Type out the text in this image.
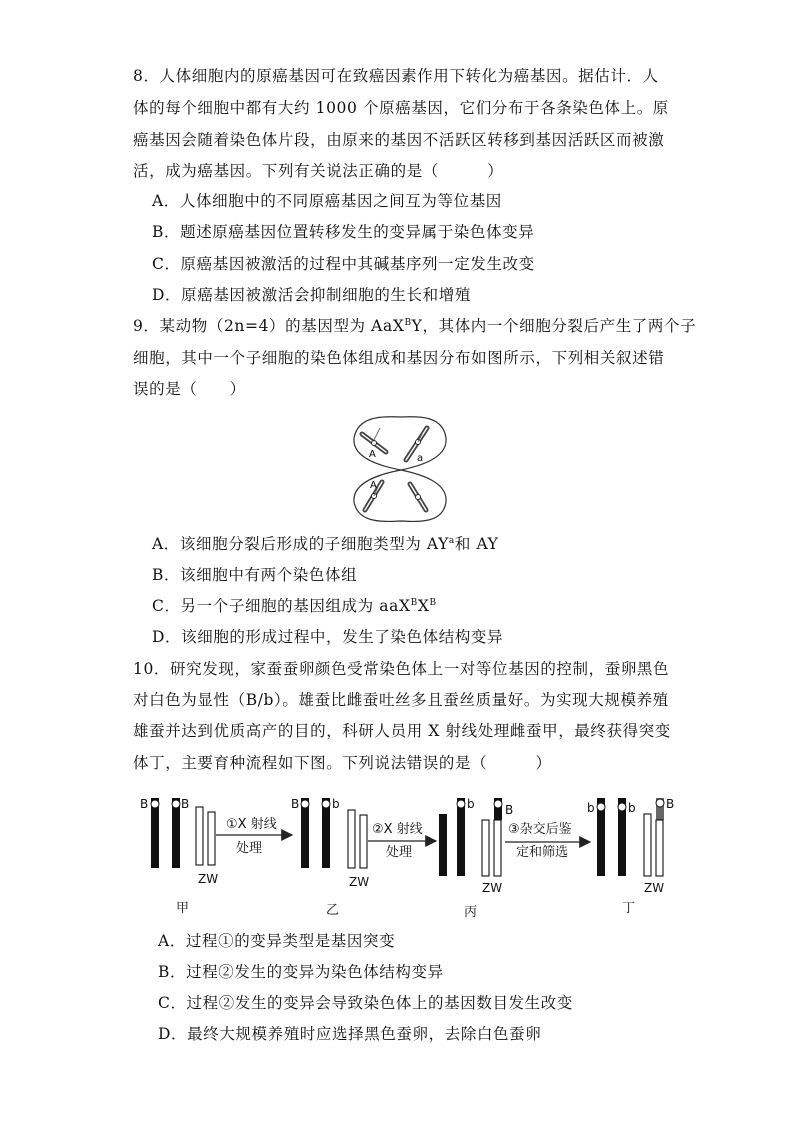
8．人体细胞内的原癌基因可在致癌因素作用下转化为癌基因。据估计．人
体的每个细胞中都有大约 1000 个原癌基因，它们分布于各条染色体上。原
癌基因会随着染色体片段，由原来的基因不活跃区转移到基因活跃区而被激
活，成为癌基因。下列有关说法正确的是（　　　）
A．人体细胞中的不同原癌基因之间互为等位基因
B．题述原癌基因位置转移发生的变异属于染色体变异
C．原癌基因被激活的过程中其碱基序列一定发生改变
D．原癌基因被激活会抑制细胞的生长和增殖
9．某动物（2n=4）的基因型为 AaX$^B$Y，其体内一个细胞分裂后产生了两个子
细胞，其中一个子细胞的染色体组成和基因分布如图所示，下列相关叙述错
误的是（　　）
A	a
A
A．该细胞分裂后形成的子细胞类型为 $AY^a$和 AY
B．该细胞中有两个染色体组
C．另一个子细胞的基因组成为 $aaX^BX^B$
D．该细胞的形成过程中，发生了染色体结构变异
10．研究发现，家蚕蚕卵颜色受常染色体上一对等位基因的控制，蚕卵黑色
对白色为显性（B/b）。雄蚕比雌蚕吐丝多且蚕丝质量好。为实现大规模养殖
雄蚕并达到优质高产的目的，科研人员用 X 射线处理雌蚕甲，最终获得突变
体丁，主要育种流程如下图。下列说法错误的是（　　　）
B	B
ZW
甲
①X 射线
处理
B	b
ZW
乙
②X 射线
处理
b	B
ZW
丙
③杂交后鉴
定和筛选
b	b	B
ZW
丁
A．过程①的变异类型是基因突变
B．过程②发生的变异为染色体结构变异
C．过程②发生的变异会导致染色体上的基因数目发生改变
D．最终大规模养殖时应选择黑色蚕卵，去除白色蚕卵
